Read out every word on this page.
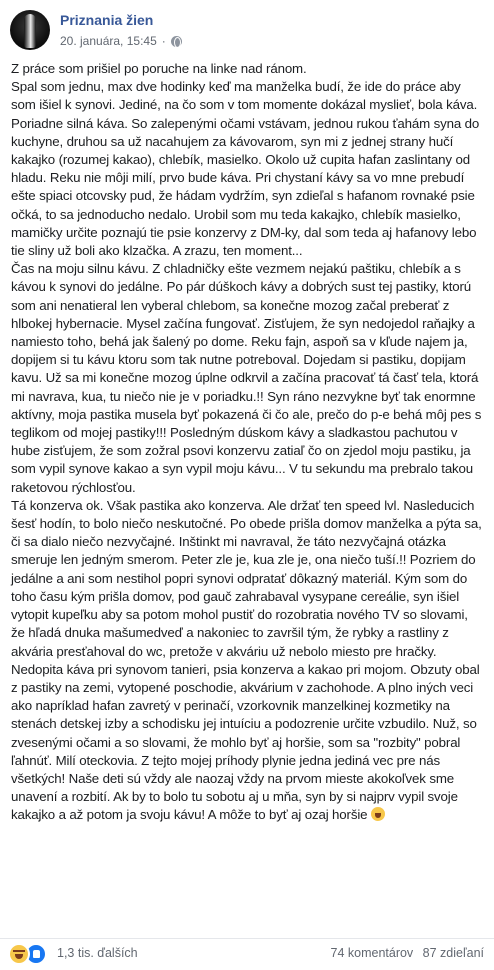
Priznania žien
20. januára, 15:45 ·
Z práce som prišiel po poruche na linke nad ránom.
Spal som jednu, max dve hodinky keď ma manželka budí, že ide do práce aby som išiel k synovi. Jediné, na čo som v tom momente dokázal myslieť, bola káva. Poriadne silná káva. So zalepenými očami vstávam, jednou rukou ťahám syna do kuchyne, druhou sa už nacahujem za kávovarom, syn mi z jednej strany hučí kakajko (rozumej kakao), chlebík, masielko. Okolo už cupita hafan zaslintany od hladu. Reku nie môji milí, prvo bude káva. Pri chystaní kávy sa vo mne prebudí ešte spiaci otcovsky pud, že hádam vydržím, syn zdieľal s hafanom rovnaké psie očká, to sa jednoducho nedalo. Urobil som mu teda kakajko, chlebík masielko, mamičky určite poznajú tie psie konzervy z DM-ky, dal som teda aj hafanovy lebo tie sliny už boli ako klzačka. A zrazu, ten moment...
Čas na moju silnu kávu. Z chladničky ešte vezmem nejakú paštiku, chlebík a s kávou k synovi do jedálne. Po pár dúškoch kávy a dobrých sust tej pastiky, ktorú som ani nenatieral len vyberal chlebom, sa konečne mozog začal preberať z hlbokej hybernacie. Mysel začína fungovať. Zisťujem, že syn nedojedol raňajky a namiesto toho, behá jak šalený po dome. Reku fajn, aspoň sa v kľude najem ja, dopijem si tu kávu ktoru som tak nutne potreboval. Dojedam si pastiku, dopijam kavu. Už sa mi konečne mozog úplne odkrvil a začína pracovať tá časť tela, ktorá mi navrava, kua, tu niečo nie je v poriadku.!! Syn ráno nezvykne byť tak enormne aktívny, moja pastika musela byť pokazená či čo ale, prečo do p-e behá môj pes s teglikom od mojej pastiky!!! Posledným dúskom kávy a sladkastou pachutou v hube zisťujem, že som zožral psovi konzervu zatiaľ čo on zjedol moju pastiku, ja som vypil synove kakao a syn vypil moju kávu... V tu sekundu ma prebralo takou raketovou rýchlosťou.
Tá konzerva ok. Však pastika ako konzerva. Ale držať ten speed lvl. Nasleducich šesť hodín, to bolo niečo neskutočné. Po obede prišla domov manželka a pýta sa, či sa dialo niečo nezvyčajné. Inštinkt mi navraval, že táto nezvyčajná otázka smeruje len jedným smerom. Peter zle je, kua zle je, ona niečo tuší.!! Pozriem do jedálne a ani som nestihol popri synovi odpratať dôkazný materiál. Kým som do toho času kým prišla domov, pod gauč zahrabaval vysypane cereálie, syn išiel vytopit kupeľku aby sa potom mohol pustiť do rozobratia nového TV so slovami, že hľadá dnuka mašumedveď a nakoniec to završil tým, že rybky a rastliny z akvária presťahoval do wc, pretože v akváriu už nebolo miesto pre hračky. Nedopita káva pri synovom tanieri, psia konzerva a kakao pri mojom. Obzuty obal z pastiky na zemi, vytopené poschodie, akvárium v zachohode. A plno iných veci ako napríklad hafan zavretý v perinačí, vzorkovnik manzelkinej kozmetiky na stenách detskej izby a schodisku jej intuíciu a podozrenie určite vzbudilo. Nuž, so zvesenými očami a so slovami, že mohlo byť aj horšie, som sa "rozbity" pobral ľahnúť. Milí oteckovia. Z tejto mojej príhody plynie jedna jediná vec pre nás všetkých! Naše deti sú vždy ale naozaj vždy na prvom mieste akokoľvek sme unavení a rozbití. Ak by to bolo tu sobotu aj u mňa, syn by si najprv vypil svoje kakajko a až potom ja svoju kávu! A môže to byť aj ozaj horšie
1,3 tis. ďalších	74 komentárov 87 zdieľaní
